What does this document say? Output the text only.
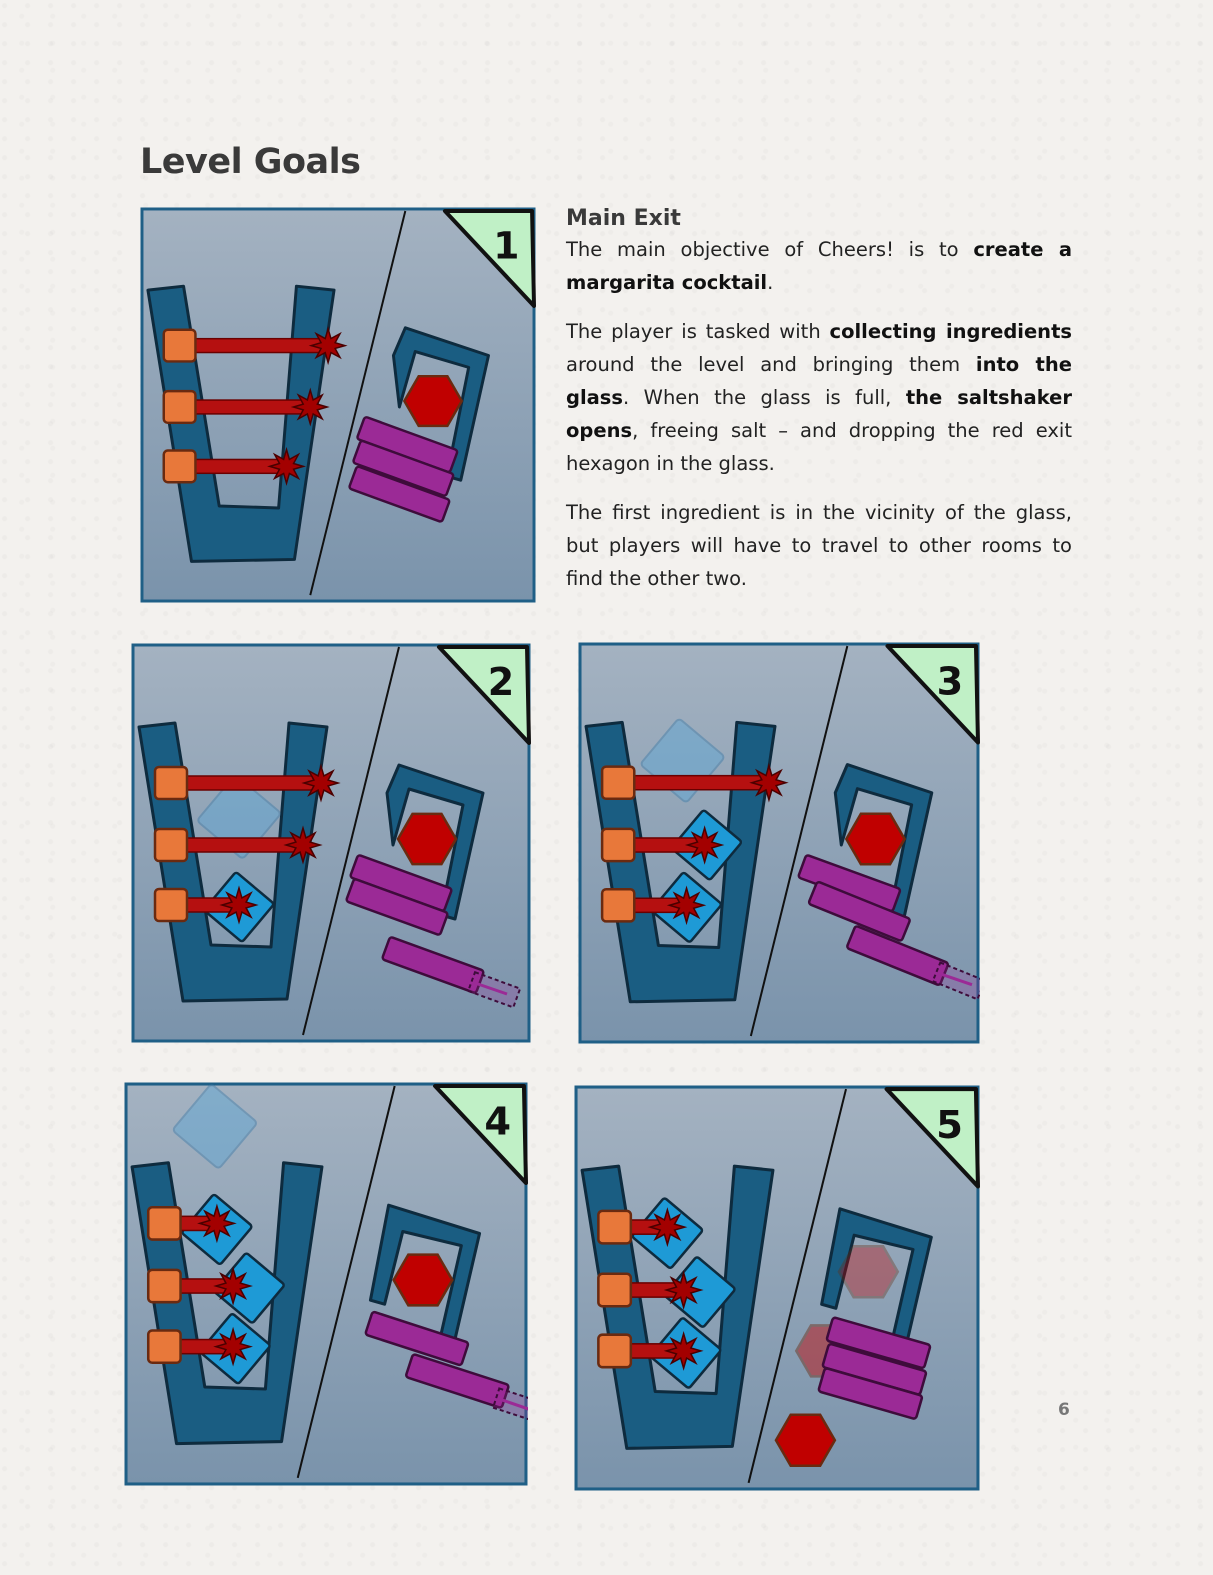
Level Goals
1
2	3
4	5
Main Exit

The main objective of Cheers! is to create a margarita cocktail.

The player is tasked with collecting ingredients around the level and bringing them into the glass. When the glass is full, the saltshaker opens, freeing salt – and dropping the red exit hexagon in the glass.

The first ingredient is in the vicinity of the glass, but players will have to travel to other rooms to find the other two.

6
